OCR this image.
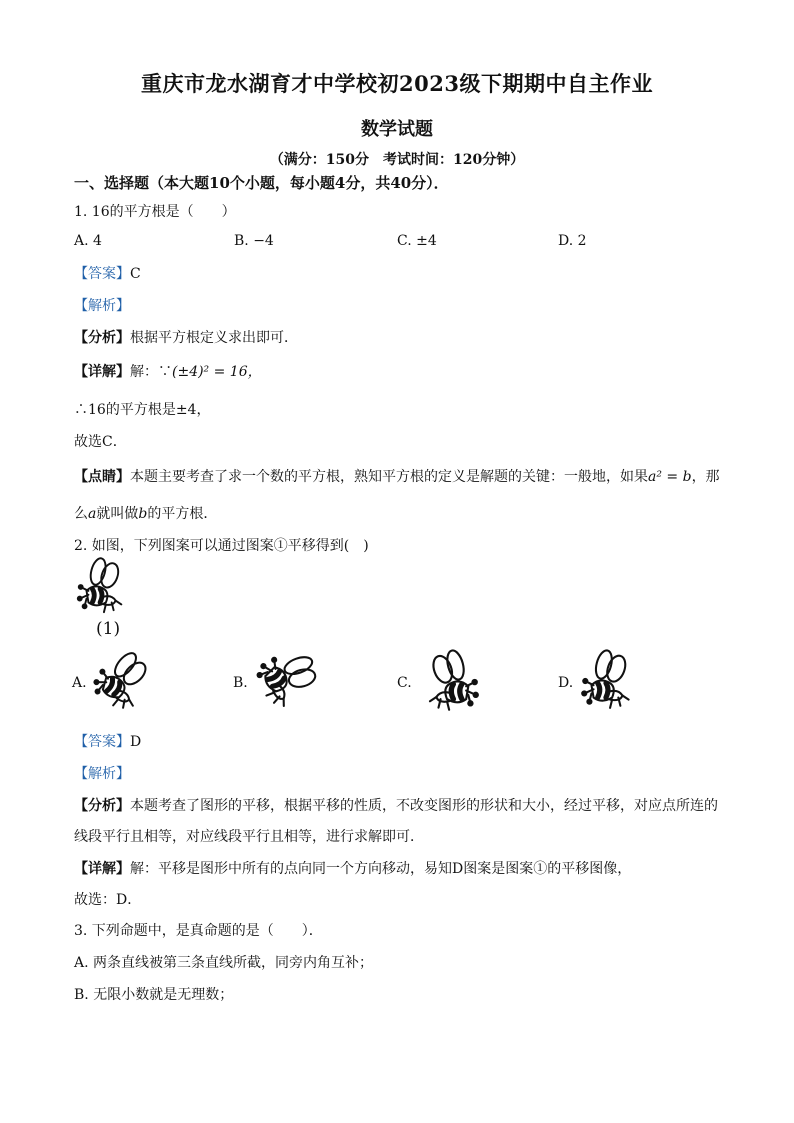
重庆市龙水湖育才中学校初2023级下期期中自主作业
数学试题
（满分：150分　考试时间：120分钟）
一、选择题（本大题10个小题，每小题4分，共40分）．
1. 16的平方根是（　　）
A. 4	B. −4	C. ±4	D. 2
【答案】C
【解析】
【分析】根据平方根定义求出即可．
【详解】解：∵(±4)² = 16，
∴16的平方根是±4，
故选C．
【点睛】本题主要考查了求一个数的平方根，熟知平方根的定义是解题的关键：一般地，如果a² = b，那
么a就叫做b的平方根．
2. 如图，下列图案可以通过图案①平移得到(　)
(1)
A.	B.	C.	D.
【答案】D
【解析】
【分析】本题考查了图形的平移，根据平移的性质，不改变图形的形状和大小，经过平移，对应点所连的
线段平行且相等，对应线段平行且相等，进行求解即可．
【详解】解：平移是图形中所有的点向同一个方向移动，易知D图案是图案①的平移图像，
故选：D．
3. 下列命题中，是真命题的是（　　）．
A. 两条直线被第三条直线所截，同旁内角互补；
B. 无限小数就是无理数；
